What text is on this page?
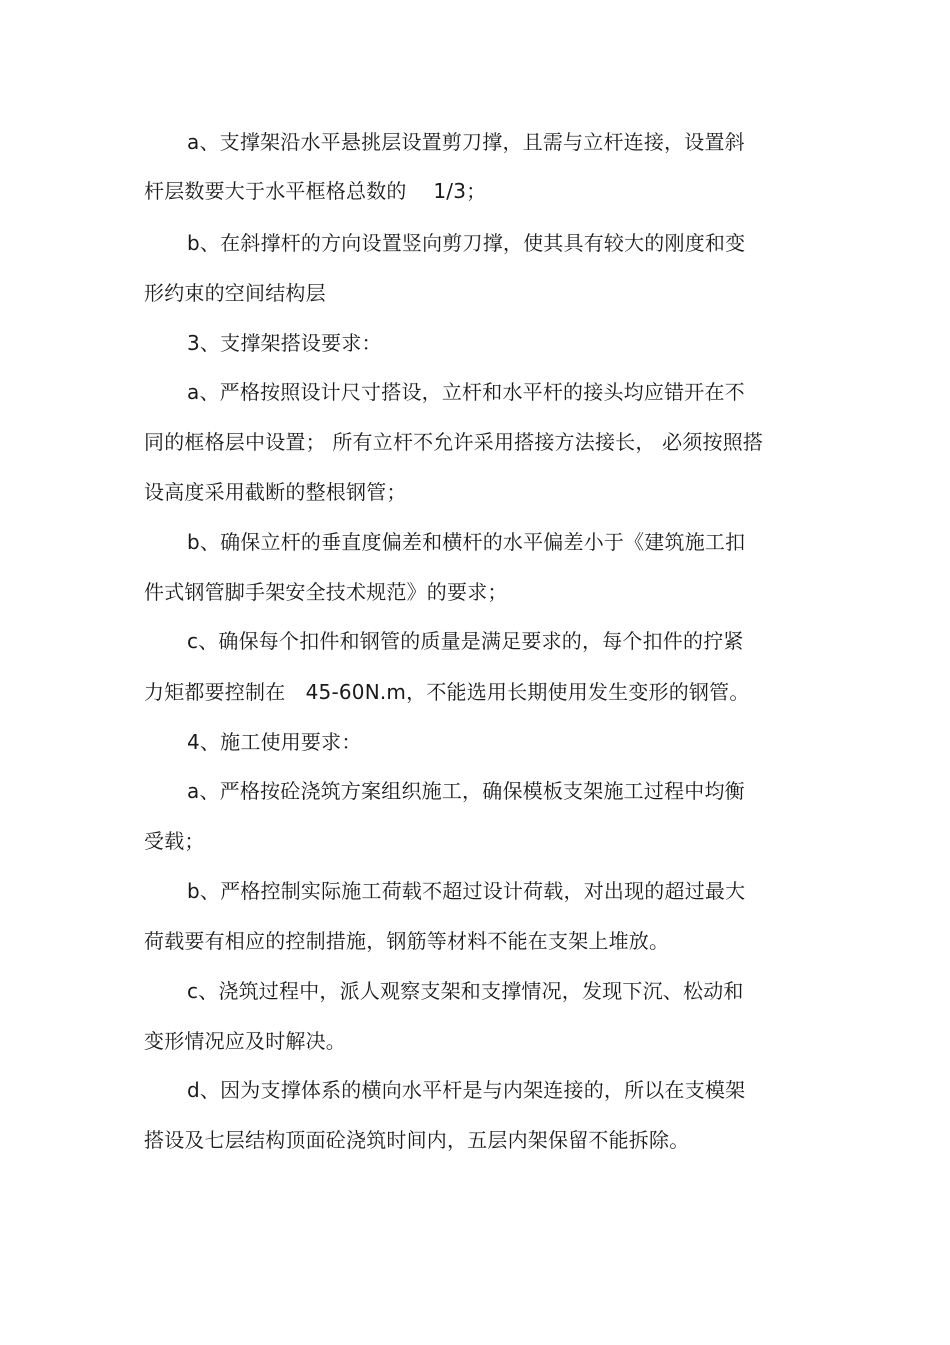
a、支撑架沿水平悬挑层设置剪刀撑，且需与立杆连接，设置斜
杆层数要大于水平框格总数的　 1/3；
b、在斜撑杆的方向设置竖向剪刀撑，使其具有较大的刚度和变
形约束的空间结构层
3、支撑架搭设要求：
a、严格按照设计尺寸搭设，立杆和水平杆的接头均应错开在不
同的框格层中设置； 所有立杆不允许采用搭接方法接长， 必须按照搭
设高度采用截断的整根钢管；
b、确保立杆的垂直度偏差和横杆的水平偏差小于《建筑施工扣
件式钢管脚手架安全技术规范》的要求；
c、确保每个扣件和钢管的质量是满足要求的，每个扣件的拧紧
力矩都要控制在　45-60N.m，不能选用长期使用发生变形的钢管。
4、施工使用要求：
a、严格按砼浇筑方案组织施工，确保模板支架施工过程中均衡
受载；
b、严格控制实际施工荷载不超过设计荷载，对出现的超过最大
荷载要有相应的控制措施，钢筋等材料不能在支架上堆放。
c、浇筑过程中，派人观察支架和支撑情况，发现下沉、松动和
变形情况应及时解决。
d、因为支撑体系的横向水平杆是与内架连接的，所以在支模架
搭设及七层结构顶面砼浇筑时间内，五层内架保留不能拆除。
